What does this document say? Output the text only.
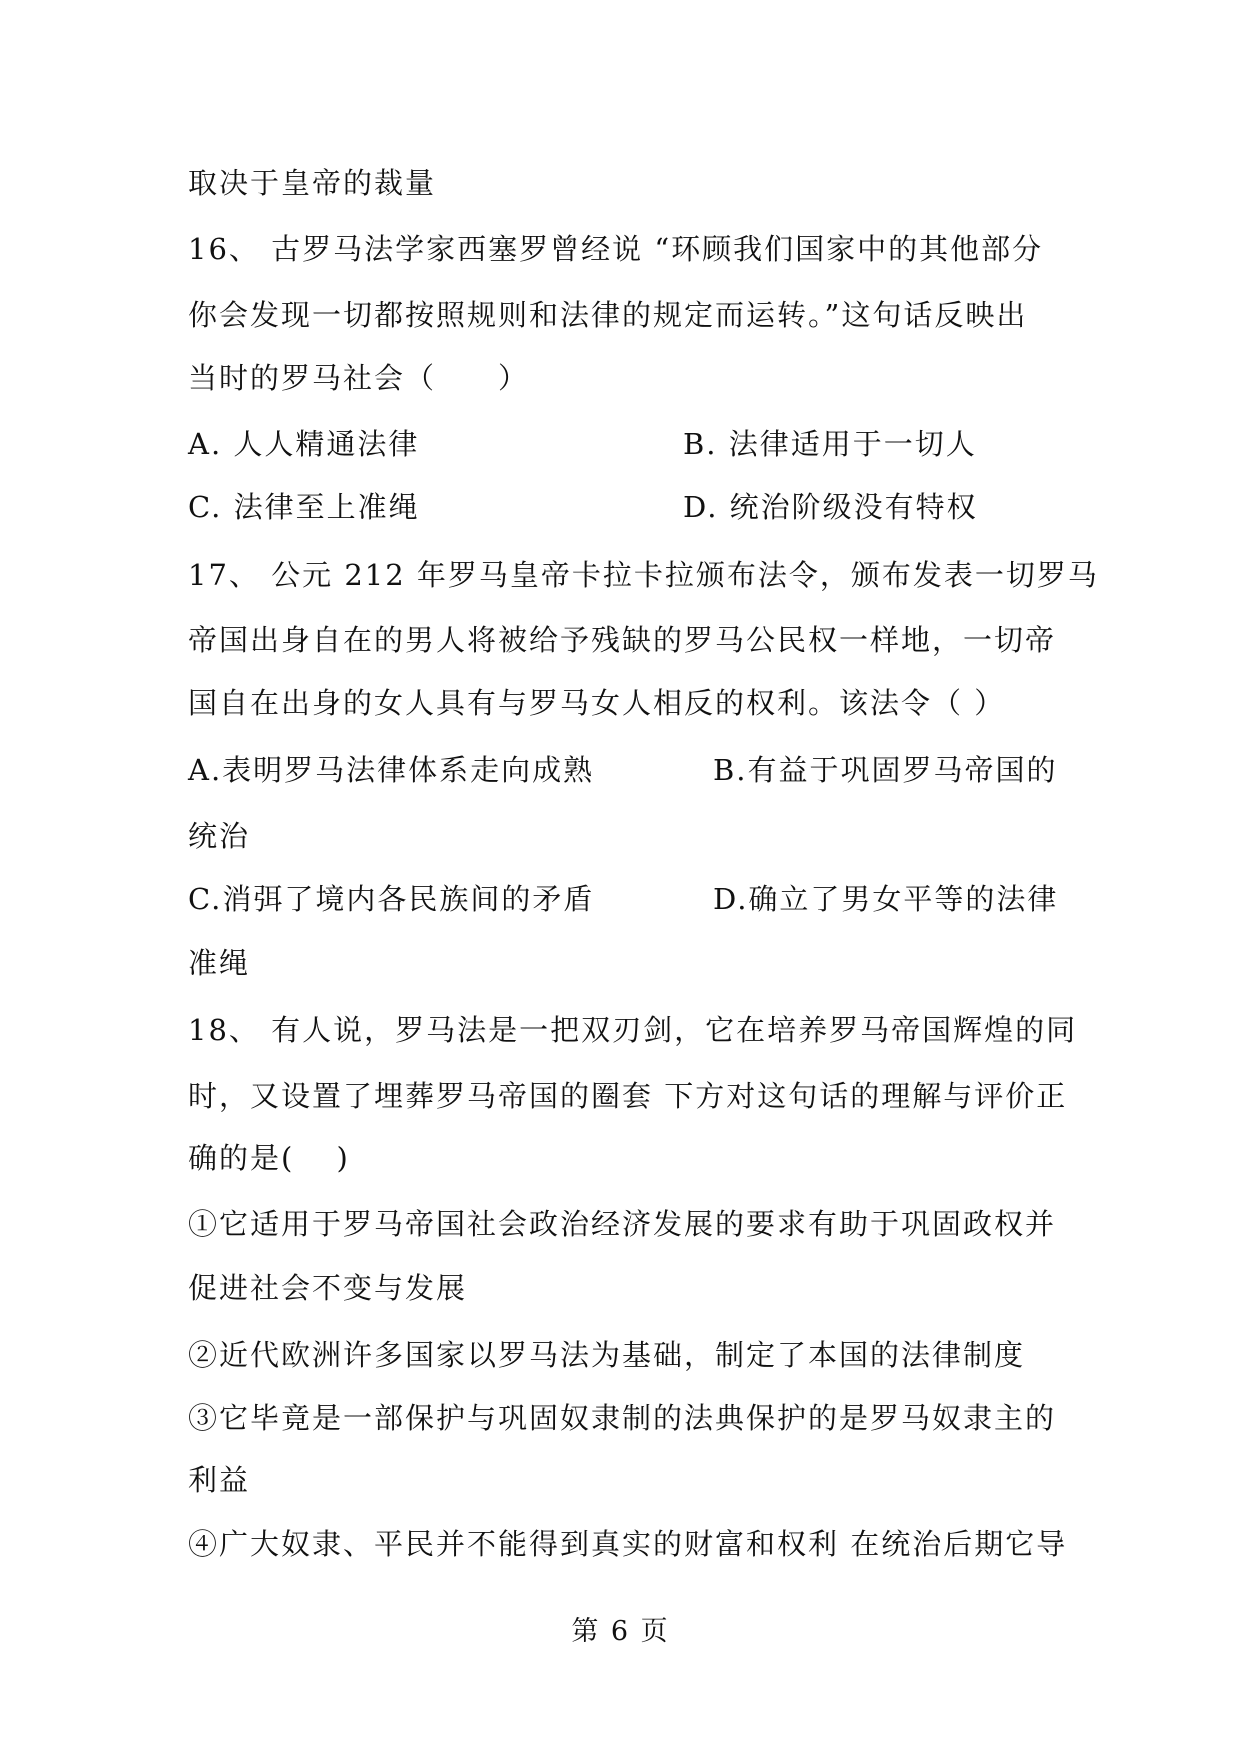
取决于皇帝的裁量
16、 古罗马法学家西塞罗曾经说 “环顾我们国家中的其他部分
你会发现一切都按照规则和法律的规定而运转。”这句话反映出
当时的罗马社会（　　）
A. 人人精通法律	B. 法律适用于一切人
C. 法律至上准绳	D. 统治阶级没有特权
17、 公元 212 年罗马皇帝卡拉卡拉颁布法令，颁布发表一切罗马
帝国出身自在的男人将被给予残缺的罗马公民权一样地，一切帝
国自在出身的女人具有与罗马女人相反的权利。该法令（ ）
A.表明罗马法律体系走向成熟	B.有益于巩固罗马帝国的
统治
C.消弭了境内各民族间的矛盾	D.确立了男女平等的法律
准绳
18、 有人说，罗马法是一把双刃剑，它在培养罗马帝国辉煌的同
时，又设置了埋葬罗马帝国的圈套 下方对这句话的理解与评价正
确的是(　 )
①它适用于罗马帝国社会政治经济发展的要求有助于巩固政权并
促进社会不变与发展
②近代欧洲许多国家以罗马法为基础，制定了本国的法律制度
③它毕竟是一部保护与巩固奴隶制的法典保护的是罗马奴隶主的
利益
④广大奴隶、平民并不能得到真实的财富和权利 在统治后期它导
第 6 页
